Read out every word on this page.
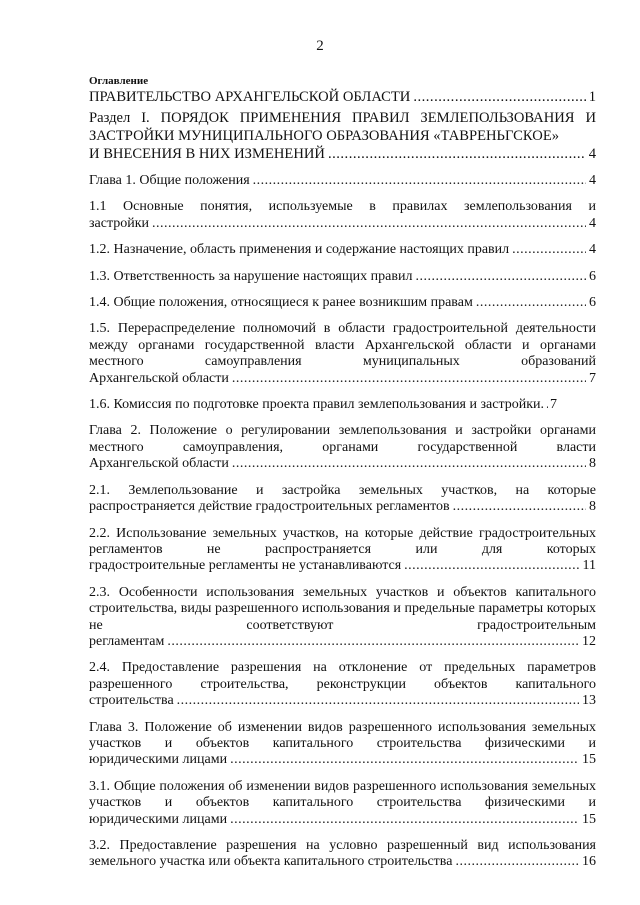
2
Оглавление
ПРАВИТЕЛЬСТВО АРХАНГЕЛЬСКОЙ ОБЛАСТИ .....	1
Раздел I. ПОРЯДОК ПРИМЕНЕНИЯ ПРАВИЛ ЗЕМЛЕПОЛЬЗОВАНИЯ И ЗАСТРОЙКИ МУНИЦИПАЛЬНОГО ОБРАЗОВАНИЯ «ТАВРЕНЬГСКОЕ»
И ВНЕСЕНИЯ В НИХ ИЗМЕНЕНИЙ .....	4
Глава 1. Общие положения .....	4
1.1 Основные понятия, используемые в правилах землепользования и
застройки .....	4
1.2. Назначение, область применения и содержание настоящих правил .....	4
1.3. Ответственность за нарушение настоящих правил .....	6
1.4. Общие положения, относящиеся к ранее возникшим правам .....	6
1.5. Перераспределение полномочий в области градостроительной деятельности между органами государственной власти Архангельской области и органами местного самоуправления муниципальных образований
Архангельской области .....	7
1.6. Комиссия по подготовке проекта правил землепользования и застройки. ..... 7
Глава 2. Положение о регулировании землепользования и застройки органами местного самоуправления, органами государственной власти
Архангельской области .....	8
2.1. Землепользование и застройка земельных участков, на которые
распространяется действие градостроительных регламентов .....	8
2.2. Использование земельных участков, на которые действие градостроительных регламентов не распространяется или для которых
градостроительные регламенты не устанавливаются .....	11
2.3. Особенности использования земельных участков и объектов капитального строительства, виды разрешенного использования и предельные параметры которых не соответствуют градостроительным
регламентам .....	12
2.4. Предоставление разрешения на отклонение от предельных параметров разрешенного строительства, реконструкции объектов капитального
строительства .....	13
Глава 3. Положение об изменении видов разрешенного использования земельных участков и объектов капитального строительства физическими и
юридическими лицами .....	15
3.1. Общие положения об изменении видов разрешенного использования земельных участков и объектов капитального строительства физическими и
юридическими лицами .....	15
3.2. Предоставление разрешения на условно разрешенный вид использования
земельного участка или объекта капитального строительства .....	16
